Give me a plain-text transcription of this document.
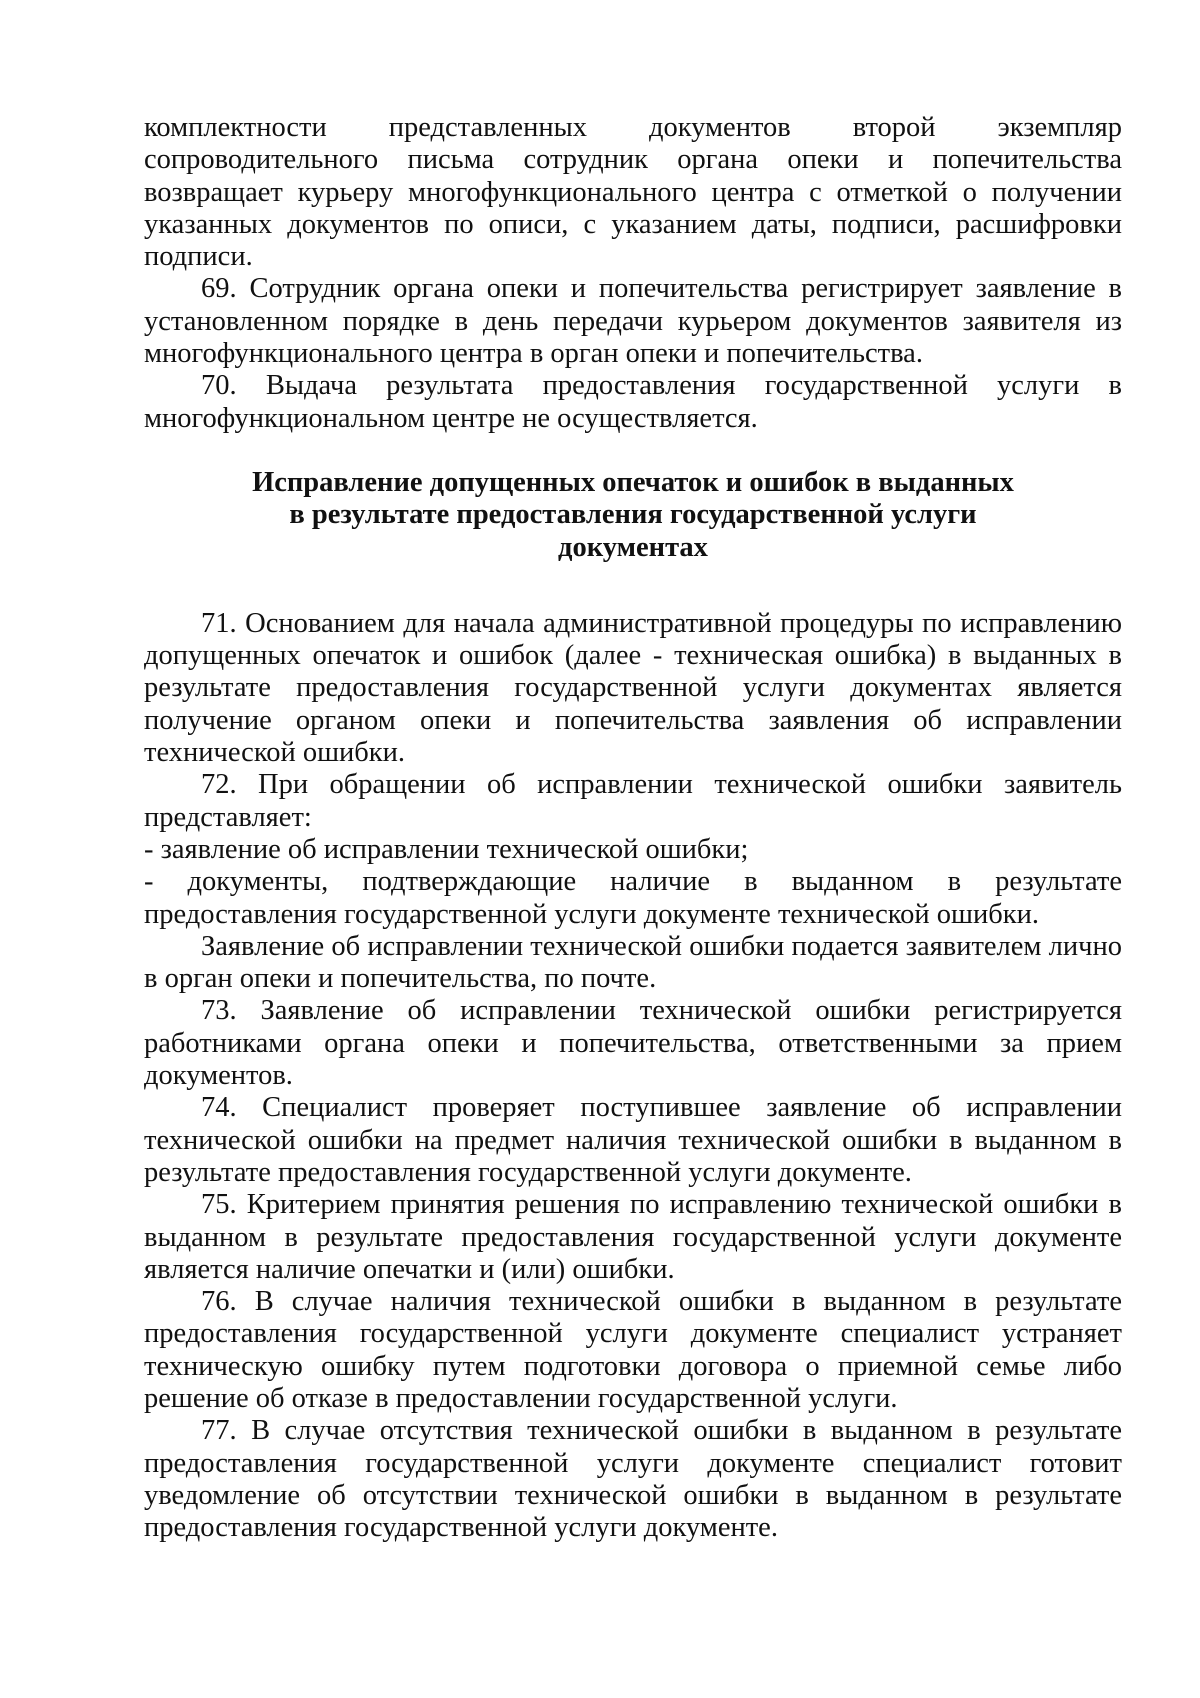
комплектности представленных документов второй экземпляр сопроводительного письма сотрудник органа опеки и попечительства возвращает курьеру многофункционального центра с отметкой о получении указанных документов по описи, с указанием даты, подписи, расшифровки подписи.

69. Сотрудник органа опеки и попечительства регистрирует заявление в установленном порядке в день передачи курьером документов заявителя из многофункционального центра в орган опеки и попечительства.

70. Выдача результата предоставления государственной услуги в многофункциональном центре не осуществляется.

Исправление допущенных опечаток и ошибок в выданных
в результате предоставления государственной услуги
документах

71. Основанием для начала административной процедуры по исправлению допущенных опечаток и ошибок (далее - техническая ошибка) в выданных в результате предоставления государственной услуги документах является получение органом опеки и попечительства заявления об исправлении технической ошибки.

72. При обращении об исправлении технической ошибки заявитель представляет:

- заявление об исправлении технической ошибки;

- документы, подтверждающие наличие в выданном в результате предоставления государственной услуги документе технической ошибки.

Заявление об исправлении технической ошибки подается заявителем лично в орган опеки и попечительства, по почте.

73. Заявление об исправлении технической ошибки регистрируется работниками органа опеки и попечительства, ответственными за прием документов.

74. Специалист проверяет поступившее заявление об исправлении технической ошибки на предмет наличия технической ошибки в выданном в результате предоставления государственной услуги документе.

75. Критерием принятия решения по исправлению технической ошибки в выданном в результате предоставления государственной услуги документе является наличие опечатки и (или) ошибки.

76. В случае наличия технической ошибки в выданном в результате предоставления государственной услуги документе специалист устраняет техническую ошибку путем подготовки договора о приемной семье либо решение об отказе в предоставлении государственной услуги.

77. В случае отсутствия технической ошибки в выданном в результате предоставления государственной услуги документе специалист готовит уведомление об отсутствии технической ошибки в выданном в результате предоставления государственной услуги документе.
